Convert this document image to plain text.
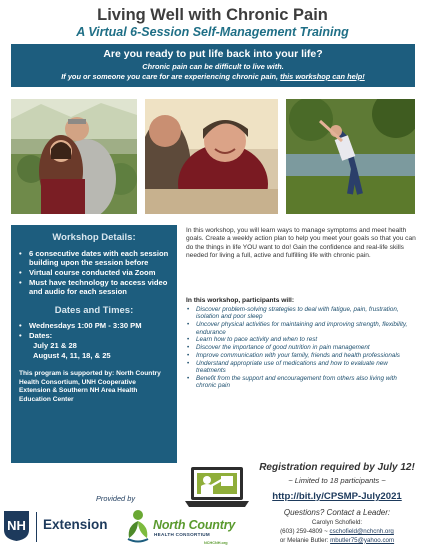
Living Well with Chronic Pain
A Virtual 6-Session Self-Management Training
Are you ready to put life back into your life?
Chronic pain can be difficult to live with.
If you or someone you care for are experiencing chronic pain, this workshop can help!
Workshop Details:
• 6 consecutive dates with each session building upon the session before
• Virtual course conducted via Zoom
• Must have technology to access video and audio for each session
Dates and Times:
• Wednesdays 1:00 PM - 3:30 PM
• Dates:
July 21 & 28
August 4, 11, 18, & 25
This program is supported by: North Country Health Consortium, UNH Cooperative Extension & Southern NH Area Health Education Center
In this workshop, you will learn ways to manage symptoms and meet health goals. Create a weekly action plan to help you meet your goals so that you can do the things in life YOU want to do! Gain the confidence and real-life skills needed for living a full, active and fulfilling life with chronic pain.
In this workshop, participants will:
• Discover problem-solving strategies to deal with fatigue, pain, frustration, isolation and poor sleep
• Uncover physical activities for maintaining and improving strength, flexibility, endurance
• Learn how to pace activity and when to rest
• Discover the importance of good nutrition in pain management
• Improve communication with your family, friends and health professionals
• Understand appropriate use of medications and how to evaluate new treatments
• Benefit from the support and encouragement from others also living with chronic pain
Registration required by July 12!
~ Limited to 18 participants ~
http://bit.ly/CPSMP-July2021
Questions? Contact a Leader:
Carolyn Schofield:
(603) 259-4809 ~ cschofield@nchcnh.org
or Melanie Butler: mbutler75@yahoo.com
Provided by
NH Extension	North Country
HEALTH CONSORTIUM
NCHCNH.org
